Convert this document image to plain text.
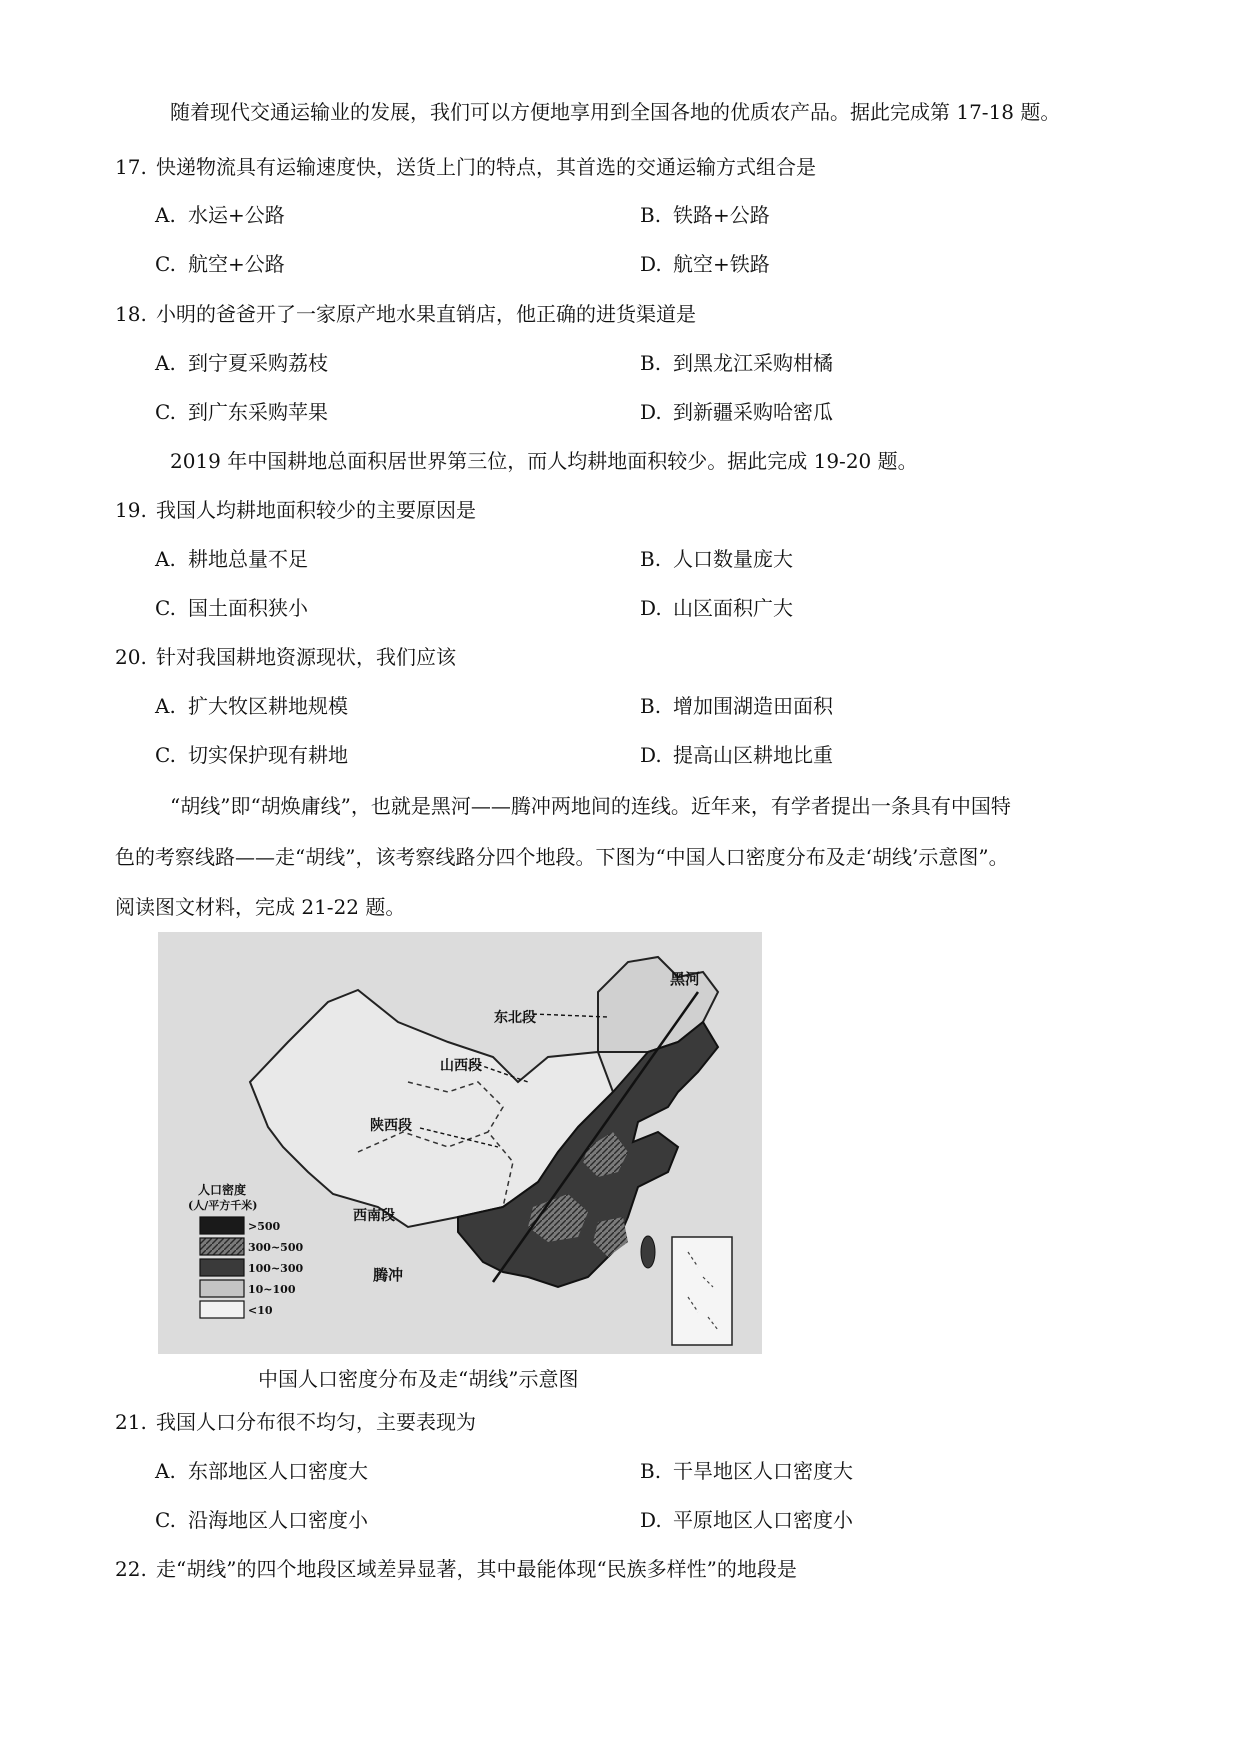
随着现代交通运输业的发展，我们可以方便地享用到全国各地的优质农产品。据此完成第 17-18 题。
17. 快递物流具有运输速度快，送货上门的特点，其首选的交通运输方式组合是
A. 水运+公路	B. 铁路+公路
C. 航空+公路	D. 航空+铁路
18. 小明的爸爸开了一家原产地水果直销店，他正确的进货渠道是
A. 到宁夏采购荔枝	B. 到黑龙江采购柑橘
C. 到广东采购苹果	D. 到新疆采购哈密瓜
2019 年中国耕地总面积居世界第三位，而人均耕地面积较少。据此完成 19-20 题。
19. 我国人均耕地面积较少的主要原因是
A. 耕地总量不足	B. 人口数量庞大
C. 国土面积狭小	D. 山区面积广大
20. 针对我国耕地资源现状，我们应该
A. 扩大牧区耕地规模	B. 增加围湖造田面积
C. 切实保护现有耕地	D. 提高山区耕地比重
“胡线”即“胡焕庸线”，也就是黑河——腾冲两地间的连线。近年来，有学者提出一条具有中国特
色的考察线路——走“胡线”，该考察线路分四个地段。下图为“中国人口密度分布及走‘胡线’示意图”。
阅读图文材料，完成 21-22 题。
黑河
腾冲
东北段
山西段
陕西段
西南段
人口密度
(人/平方千米)
>500
300~500
100~300
10~100
<10
中国人口密度分布及走“胡线”示意图
21. 我国人口分布很不均匀，主要表现为
A. 东部地区人口密度大	B. 干旱地区人口密度大
C. 沿海地区人口密度小	D. 平原地区人口密度小
22. 走“胡线”的四个地段区域差异显著，其中最能体现“民族多样性”的地段是
